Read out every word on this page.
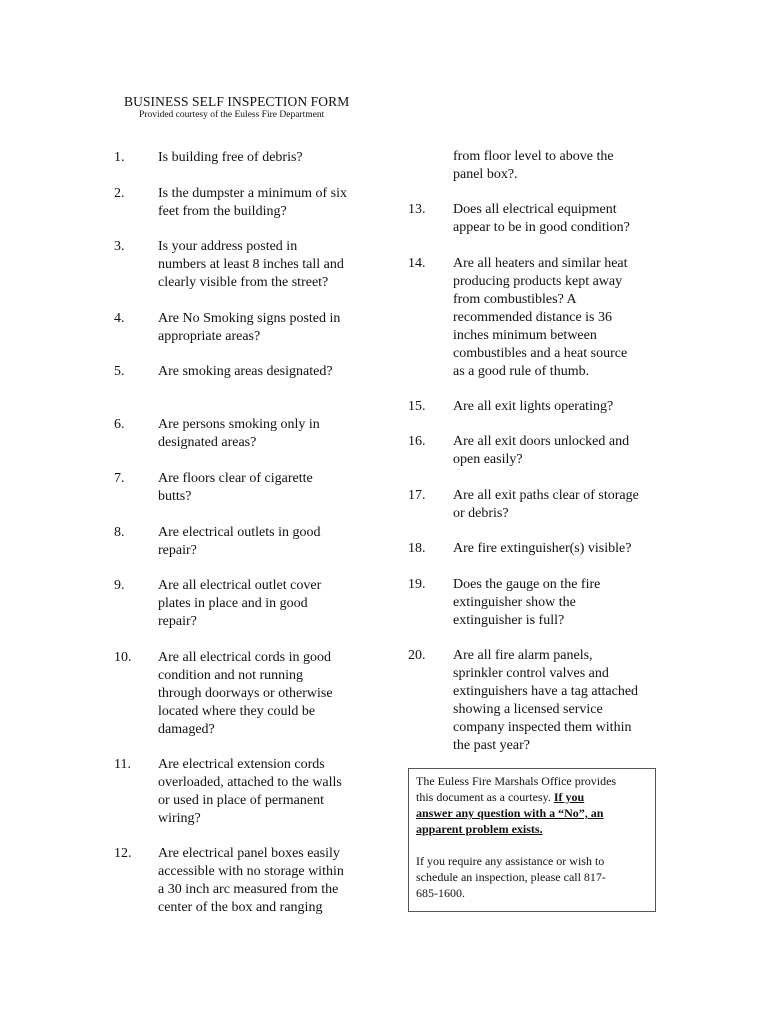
BUSINESS SELF INSPECTION FORM
Provided courtesy of the Euless Fire Department
1. Is building free of debris?
2. Is the dumpster a minimum of six
feet from the building?
3. Is your address posted in
numbers at least 8 inches tall and
clearly visible from the street?
4. Are No Smoking signs posted in
appropriate areas?
5. Are smoking areas designated?
6. Are persons smoking only in
designated areas?
7. Are floors clear of cigarette
butts?
8. Are electrical outlets in good
repair?
9. Are all electrical outlet cover
plates in place and in good
repair?
10. Are all electrical cords in good
condition and not running
through doorways or otherwise
located where they could be
damaged?
11. Are electrical extension cords
overloaded, attached to the walls
or used in place of permanent
wiring?
12. Are electrical panel boxes easily
accessible with no storage within
a 30 inch arc measured from the
center of the box and ranging
from floor level to above the
panel box?.
13. Does all electrical equipment
appear to be in good condition?
14. Are all heaters and similar heat
producing products kept away
from combustibles? A
recommended distance is 36
inches minimum between
combustibles and a heat source
as a good rule of thumb.
15. Are all exit lights operating?
16. Are all exit doors unlocked and
open easily?
17. Are all exit paths clear of storage
or debris?
18. Are fire extinguisher(s) visible?
19. Does the gauge on the fire
extinguisher show the
extinguisher is full?
20. Are all fire alarm panels,
sprinkler control valves and
extinguishers have a tag attached
showing a licensed service
company inspected them within
the past year?
The Euless Fire Marshals Office provides
this document as a courtesy. If you
answer any question with a “No”, an
apparent problem exists.
If you require any assistance or wish to
schedule an inspection, please call 817-
685-1600.
